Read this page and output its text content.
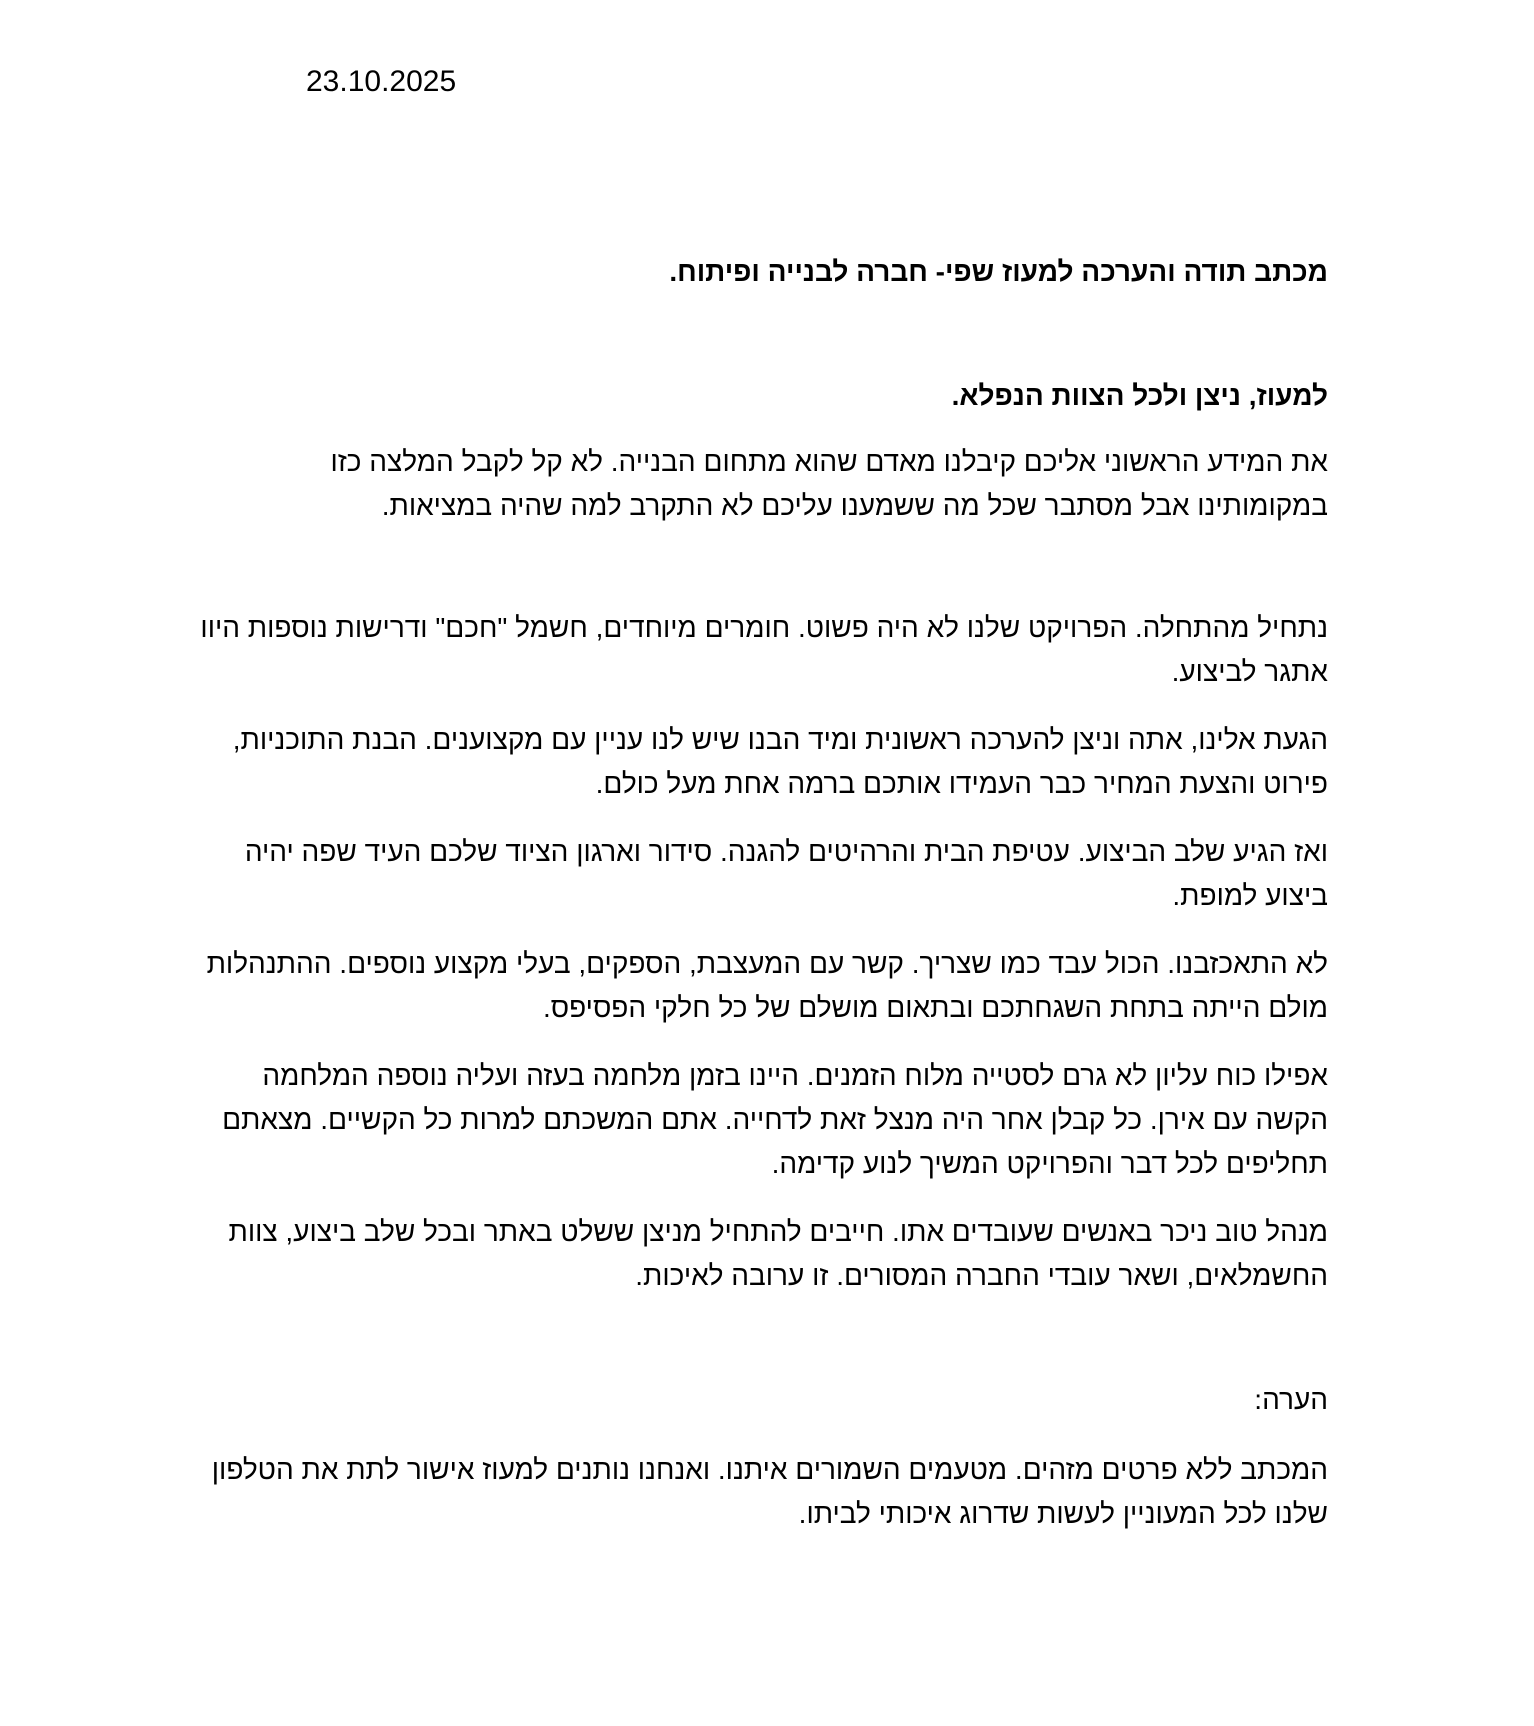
23.10.2025

מכתב תודה והערכה למעוז שפי- חברה לבנייה ופיתוח.

למעוז, ניצן ולכל הצוות הנפלא.

את המידע הראשוני אליכם קיבלנו מאדם שהוא מתחום הבנייה. לא קל לקבל המלצה כזו במקומותינו אבל מסתבר שכל מה ששמענו עליכם לא התקרב למה שהיה במציאות.

נתחיל מהתחלה. הפרויקט שלנו לא היה פשוט. חומרים מיוחדים, חשמל "חכם" ודרישות נוספות היוו אתגר לביצוע.

הגעת אלינו, אתה וניצן להערכה ראשונית ומיד הבנו שיש לנו עניין עם מקצוענים. הבנת התוכניות, פירוט והצעת המחיר כבר העמידו אותכם ברמה אחת מעל כולם.

ואז הגיע שלב הביצוע. עטיפת הבית והרהיטים להגנה. סידור וארגון הציוד שלכם העיד שפה יהיה ביצוע למופת.

לא התאכזבנו. הכול עבד כמו שצריך. קשר עם המעצבת, הספקים, בעלי מקצוע נוספים. ההתנהלות מולם הייתה בתחת השגחתכם ובתאום מושלם של כל חלקי הפסיפס.

אפילו כוח עליון לא גרם לסטייה מלוח הזמנים. היינו בזמן מלחמה בעזה ועליה נוספה המלחמה הקשה עם אירן. כל קבלן אחר היה מנצל זאת לדחייה. אתם המשכתם למרות כל הקשיים. מצאתם תחליפים לכל דבר והפרויקט המשיך לנוע קדימה.

מנהל טוב ניכר באנשים שעובדים אתו. חייבים להתחיל מניצן ששלט באתר ובכל שלב ביצוע, צוות החשמלאים, ושאר עובדי החברה המסורים. זו ערובה לאיכות.

הערה:

המכתב ללא פרטים מזהים. מטעמים השמורים איתנו. ואנחנו נותנים למעוז אישור לתת את הטלפון שלנו לכל המעוניין לעשות שדרוג איכותי לביתו.
